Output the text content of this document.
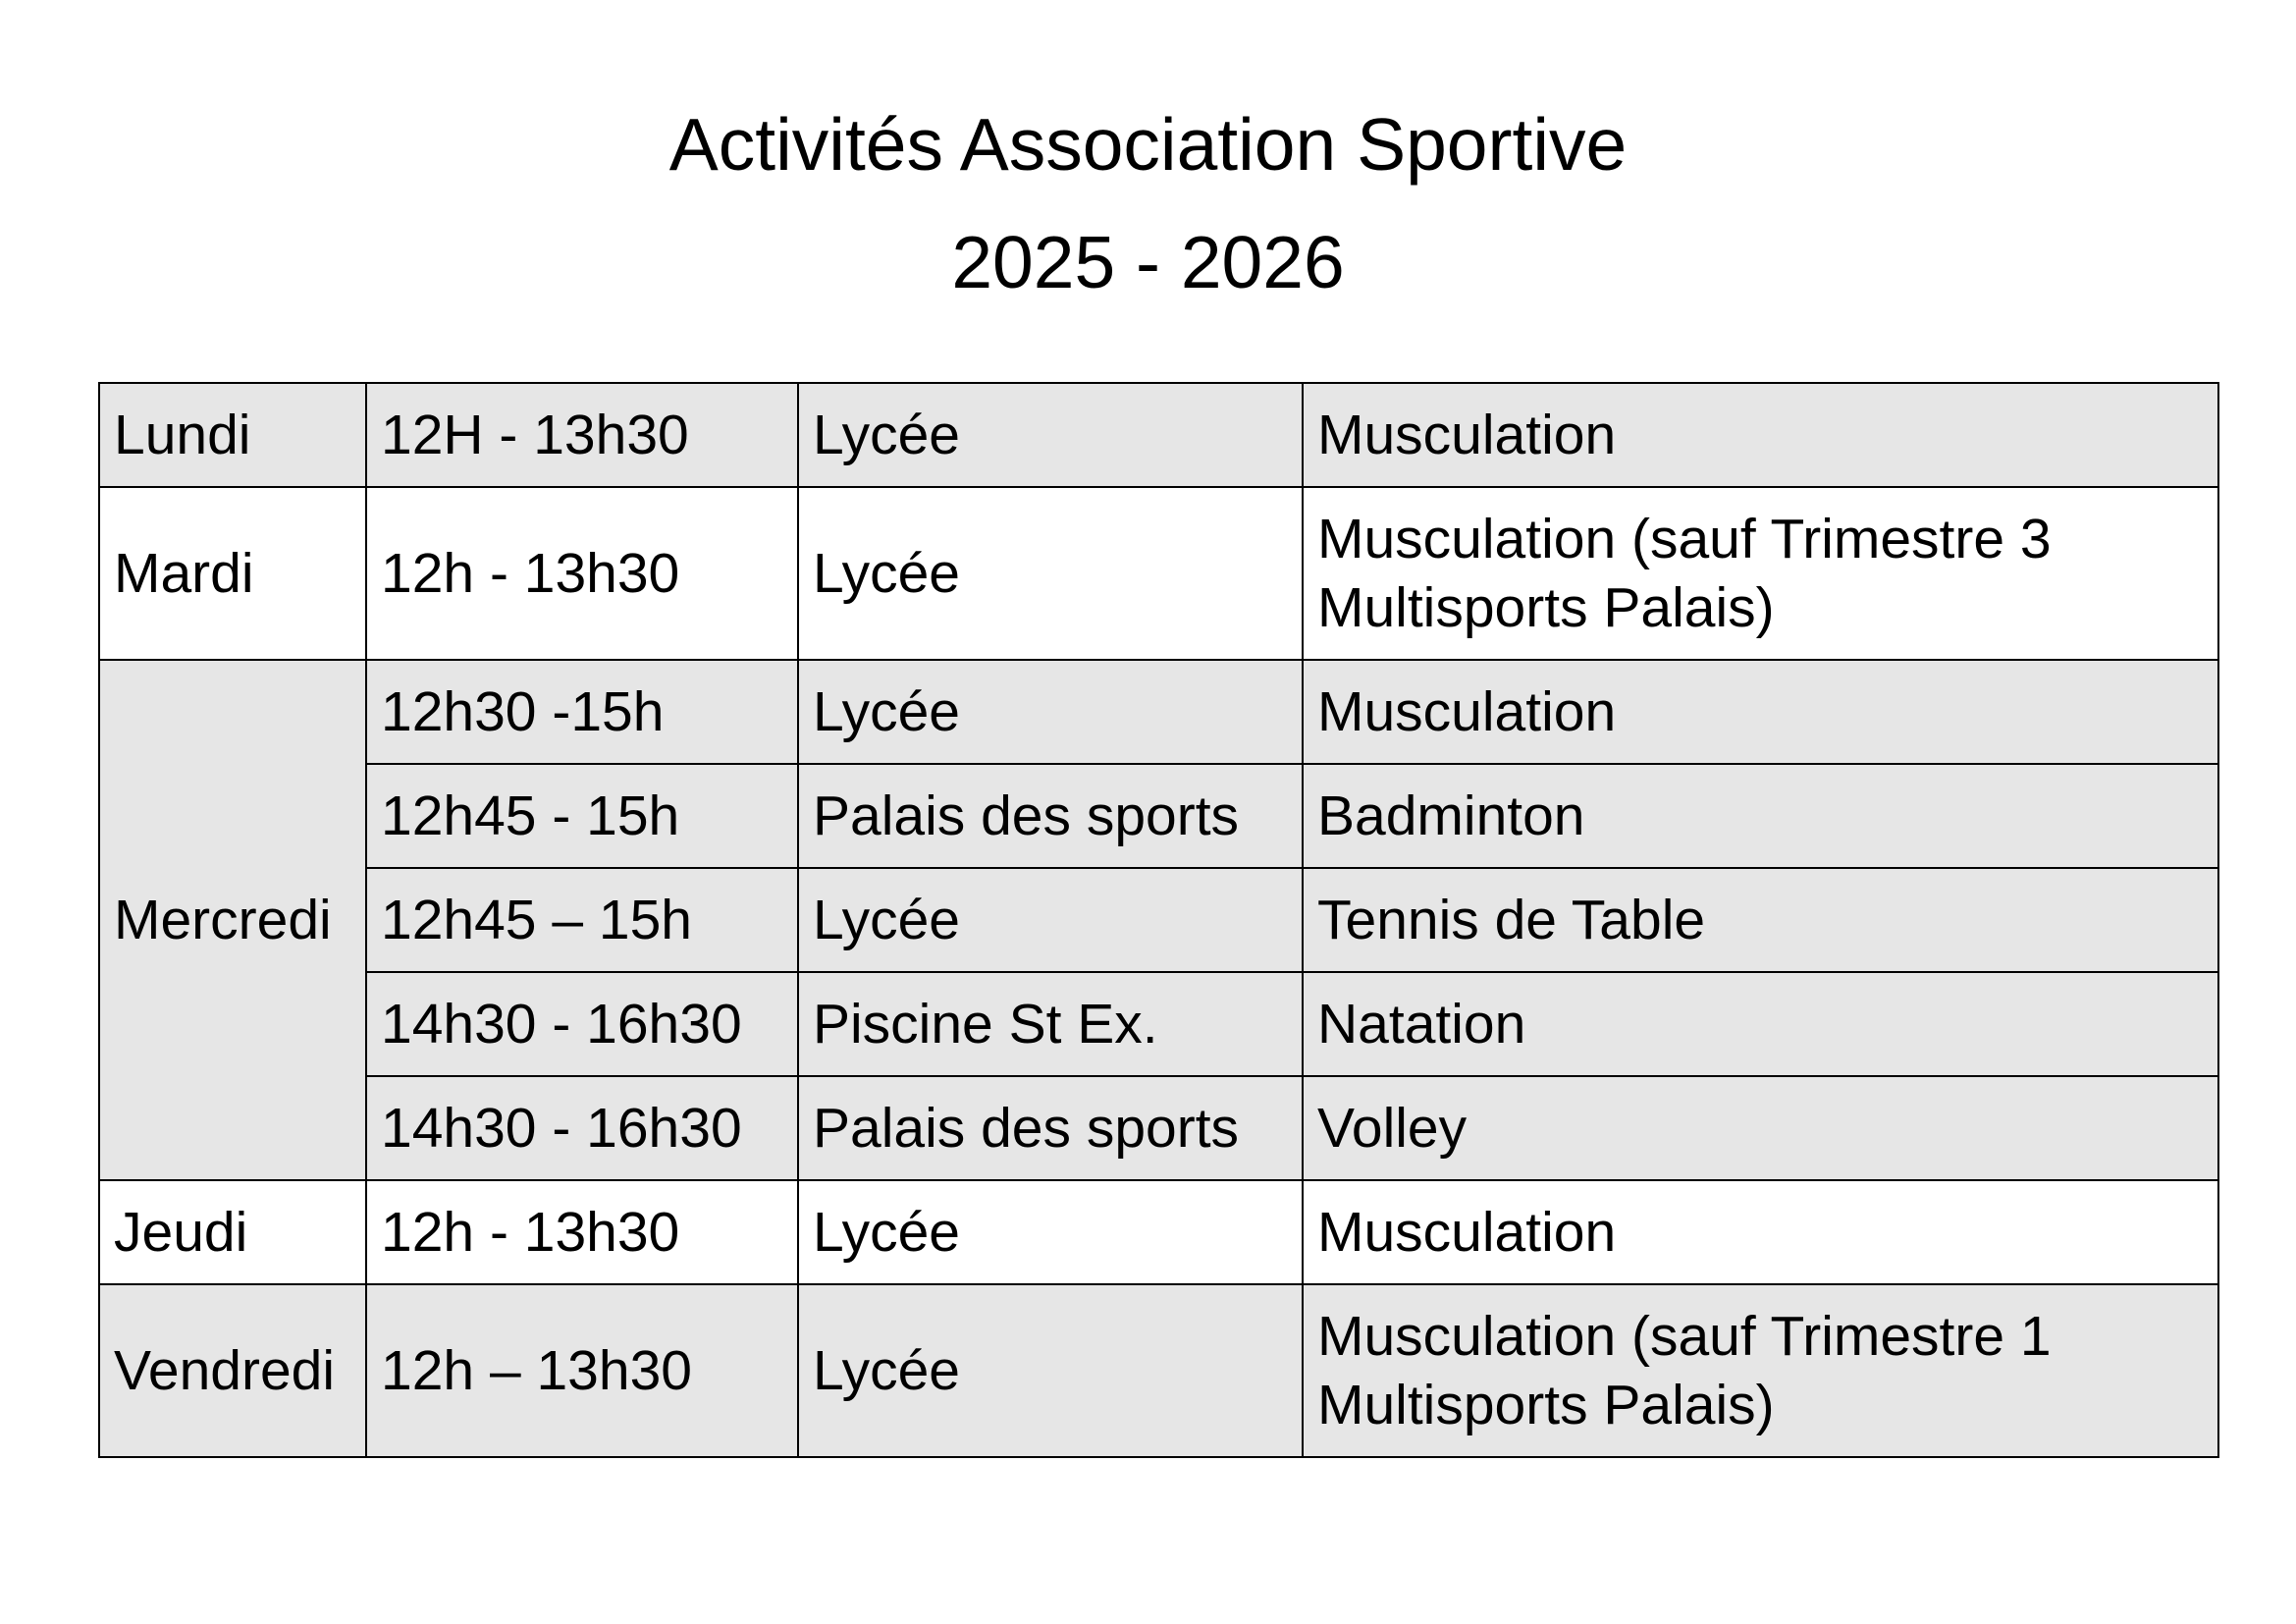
Activités Association Sportive
2025 - 2026
Lundi	12H - 13h30	Lycée	Musculation
Mardi	12h - 13h30	Lycée	Musculation (sauf Trimestre 3 Multisports Palais)
Mercredi	12h30 -15h	Lycée	Musculation
	12h45 - 15h	Palais des sports	Badminton
	12h45 – 15h	Lycée	Tennis de Table
	14h30 - 16h30	Piscine St Ex.	Natation
	14h30 - 16h30	Palais des sports	Volley
Jeudi	12h - 13h30	Lycée	Musculation
Vendredi	12h – 13h30	Lycée	Musculation (sauf Trimestre 1 Multisports Palais)
